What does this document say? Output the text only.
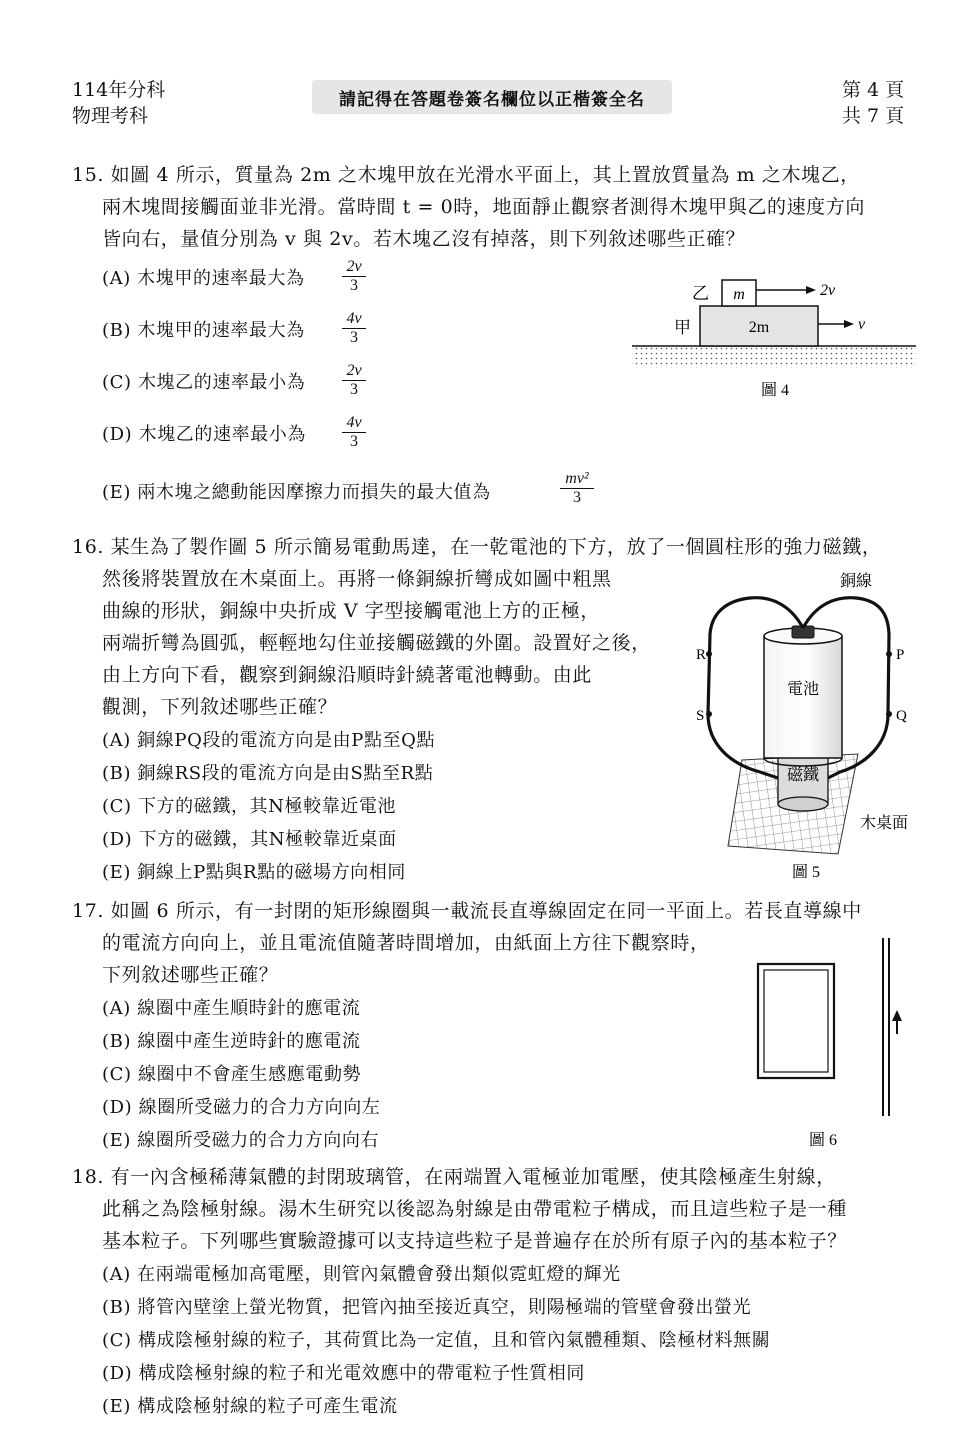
114年分科
物理考科
請記得在答題卷簽名欄位以正楷簽全名	第 4 頁
共 7 頁
15. 如圖 4 所示，質量為 2m 之木塊甲放在光滑水平面上，其上置放質量為 m 之木塊乙，
兩木塊間接觸面並非光滑。當時間 t = 0時，地面靜止觀察者測得木塊甲與乙的速度方向
皆向右，量值分別為 v 與 2v。若木塊乙沒有掉落，則下列敘述哪些正確？
(A) 木塊甲的速率最大為 $\frac{2v}{3}$
(B) 木塊甲的速率最大為 $\frac{4v}{3}$
(C) 木塊乙的速率最小為 $\frac{2v}{3}$
(D) 木塊乙的速率最小為 $\frac{4v}{3}$
(E) 兩木塊之總動能因摩擦力而損失的最大值為	$\frac{\text{mv²}}{3}$
m
2m
乙
甲
2v
v
圖 4
16. 某生為了製作圖 5 所示簡易電動馬達，在一乾電池的下方，放了一個圓柱形的強力磁鐵，
然後將裝置放在木桌面上。再將一條銅線折彎成如圖中粗黑
曲線的形狀，銅線中央折成 V 字型接觸電池上方的正極，
兩端折彎為圓弧，輕輕地勾住並接觸磁鐵的外圍。設置好之後，
由上方向下看，觀察到銅線沿順時針繞著電池轉動。由此
觀測，下列敘述哪些正確？
(A) 銅線PQ段的電流方向是由P點至Q點
(B) 銅線RS段的電流方向是由S點至R點
(C) 下方的磁鐵，其N極較靠近電池
(D) 下方的磁鐵，其N極較靠近桌面
(E) 銅線上P點與R點的磁場方向相同
銅線
電池
磁鐵
木桌面
R
S
P
Q
圖 5
17. 如圖 6 所示，有一封閉的矩形線圈與一載流長直導線固定在同一平面上。若長直導線中
的電流方向向上，並且電流值隨著時間增加，由紙面上方往下觀察時，
下列敘述哪些正確？
(A) 線圈中產生順時針的應電流
(B) 線圈中產生逆時針的應電流
(C) 線圈中不會產生感應電動勢
(D) 線圈所受磁力的合力方向向左
(E) 線圈所受磁力的合力方向向右	圖 6
18. 有一內含極稀薄氣體的封閉玻璃管，在兩端置入電極並加電壓，使其陰極產生射線，
此稱之為陰極射線。湯木生研究以後認為射線是由帶電粒子構成，而且這些粒子是一種
基本粒子。下列哪些實驗證據可以支持這些粒子是普遍存在於所有原子內的基本粒子？
(A) 在兩端電極加高電壓，則管內氣體會發出類似霓虹燈的輝光
(B) 將管內壁塗上螢光物質，把管內抽至接近真空，則陽極端的管壁會發出螢光
(C) 構成陰極射線的粒子，其荷質比為一定值，且和管內氣體種類、陰極材料無關
(D) 構成陰極射線的粒子和光電效應中的帶電粒子性質相同
(E) 構成陰極射線的粒子可產生電流
